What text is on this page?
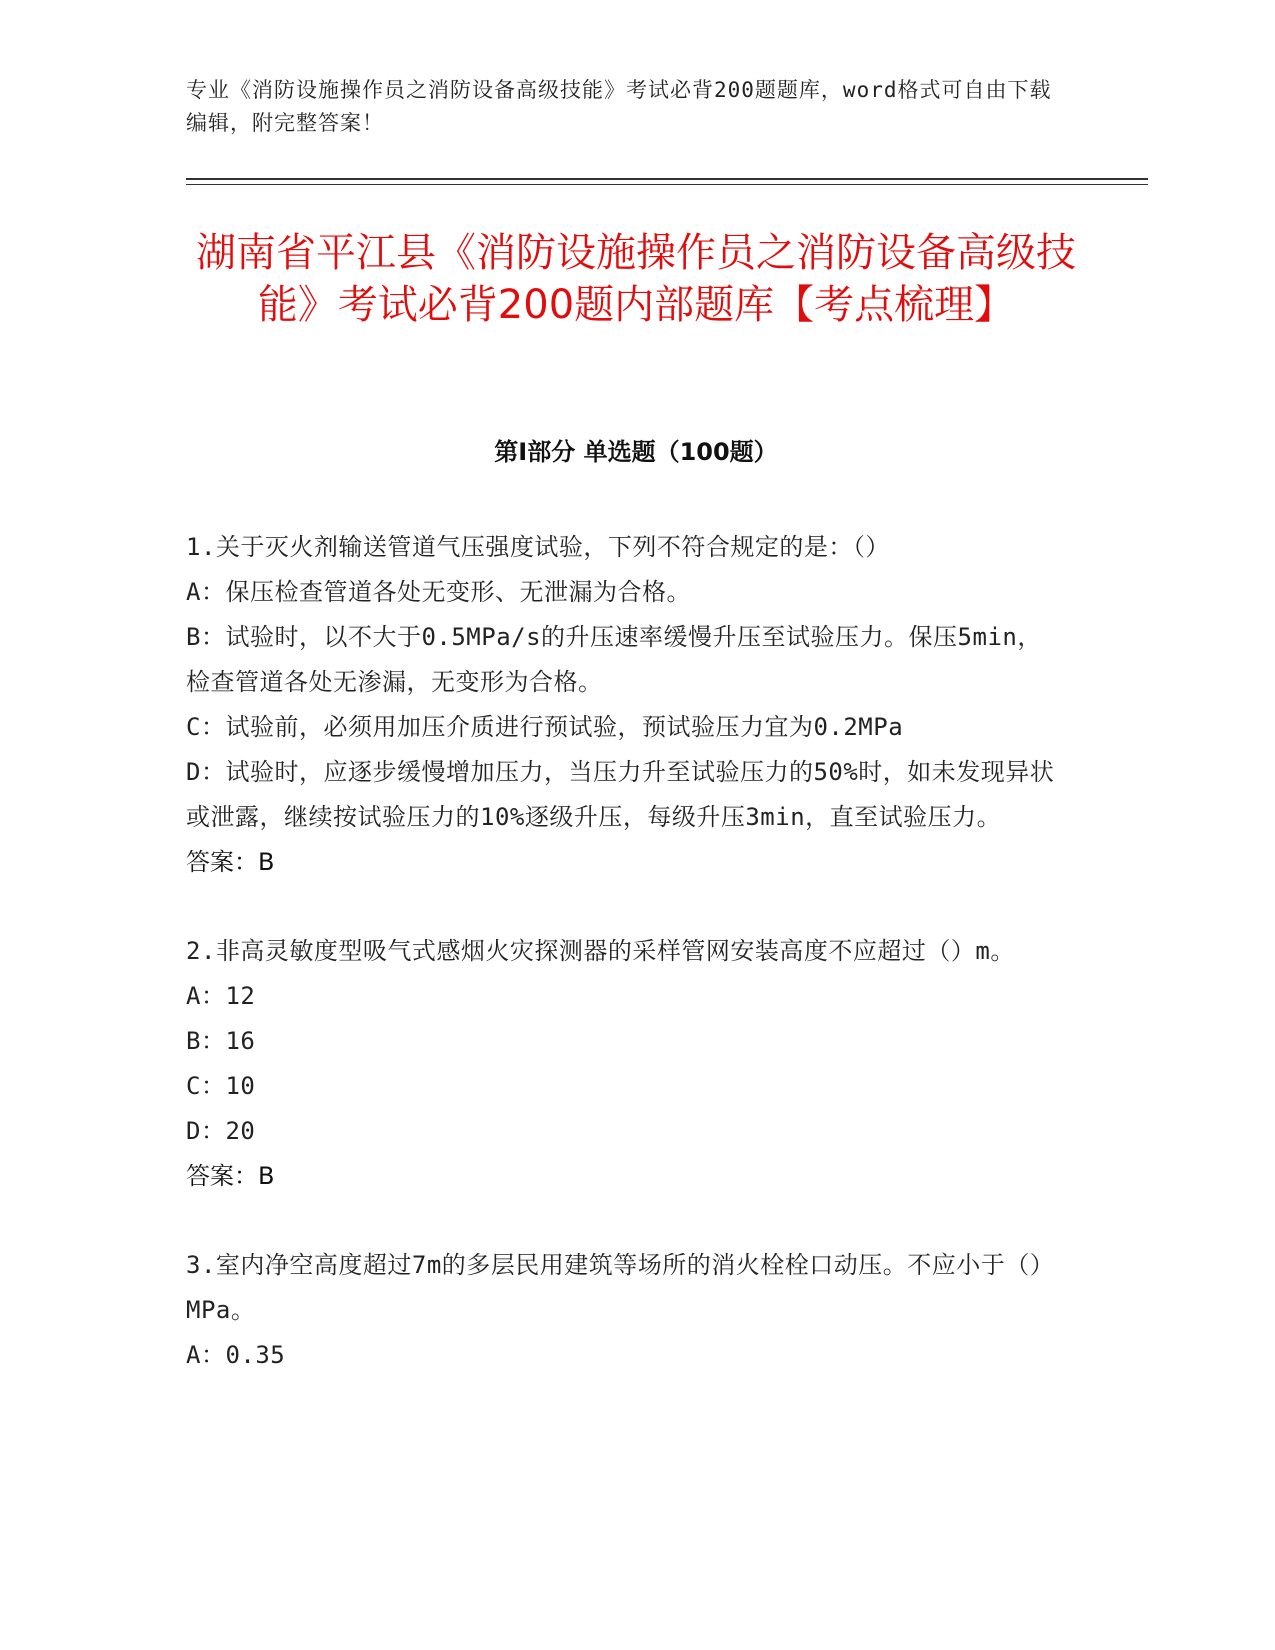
专业《消防设施操作员之消防设备高级技能》考试必背200题题库，word格式可自由下载编辑，附完整答案！
湖南省平江县《消防设施操作员之消防设备高级技能》考试必背200题内部题库【考点梳理】
第Ⅰ部分 单选题（100题）

1.关于灭火剂输送管道气压强度试验，下列不符合规定的是：（）

A：保压检查管道各处无变形、无泄漏为合格。

B：试验时，以不大于0.5MPa/s的升压速率缓慢升压至试验压力。保压5min，检查管道各处无渗漏，无变形为合格。

C：试验前，必须用加压介质进行预试验，预试验压力宜为0.2MPa

D：试验时，应逐步缓慢增加压力，当压力升至试验压力的50%时，如未发现异状或泄露，继续按试验压力的10%逐级升压，每级升压3min，直至试验压力。

答案：B

2.非高灵敏度型吸气式感烟火灾探测器的采样管网安装高度不应超过（）m。

A：12

B：16

C：10

D：20

答案：B

3.室内净空高度超过7m的多层民用建筑等场所的消火栓栓口动压。不应小于（）MPa。

A：0.35
